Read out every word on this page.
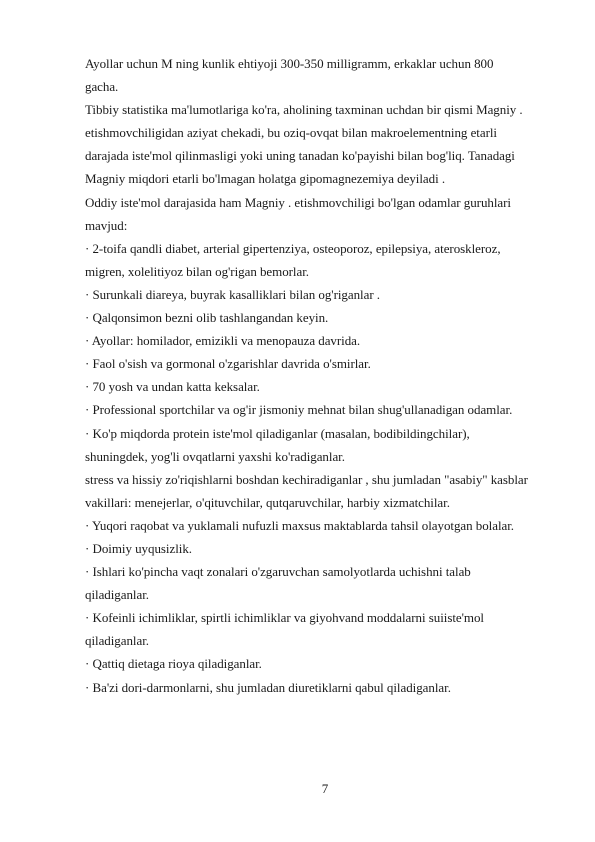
Ayollar uchun M ning kunlik ehtiyoji 300-350 milligramm, erkaklar uchun 800
gacha.
Tibbiy statistika ma'lumotlariga ko'ra, aholining taxminan uchdan bir qismi Magniy .
etishmovchiligidan aziyat chekadi, bu oziq-ovqat bilan makroelementning etarli
darajada iste'mol qilinmasligi yoki uning tanadan ko'payishi bilan bog'liq. Tanadagi
Magniy miqdori etarli bo'lmagan holatga gipomagnezemiya deyiladi .
Oddiy iste'mol darajasida ham Magniy . etishmovchiligi bo'lgan odamlar guruhlari
mavjud:
· 2-toifa qandli diabet, arterial gipertenziya, osteoporoz, epilepsiya, ateroskleroz,
migren, xolelitiyoz bilan og'rigan bemorlar.
· Surunkali diareya, buyrak kasalliklari bilan og'riganlar .
· Qalqonsimon bezni olib tashlangandan keyin.
· Ayollar: homilador, emizikli va menopauza davrida.
· Faol o'sish va gormonal o'zgarishlar davrida o'smirlar.
· 70 yosh va undan katta keksalar.
· Professional sportchilar va og'ir jismoniy mehnat bilan shug'ullanadigan odamlar.
· Ko'p miqdorda protein iste'mol qiladiganlar (masalan, bodibildingchilar),
shuningdek, yog'li ovqatlarni yaxshi ko'radiganlar.
stress va hissiy zo'riqishlarni boshdan kechiradiganlar , shu jumladan "asabiy" kasblar
vakillari: menejerlar, o'qituvchilar, qutqaruvchilar, harbiy xizmatchilar.
· Yuqori raqobat va yuklamali nufuzli maxsus maktablarda tahsil olayotgan bolalar.
· Doimiy uyqusizlik.
· Ishlari ko'pincha vaqt zonalari o'zgaruvchan samolyotlarda uchishni talab
qiladiganlar.
· Kofeinli ichimliklar, spirtli ichimliklar va giyohvand moddalarni suiiste'mol
qiladiganlar.
· Qattiq dietaga rioya qiladiganlar.
· Ba'zi dori-darmonlarni, shu jumladan diuretiklarni qabul qiladiganlar.
7
